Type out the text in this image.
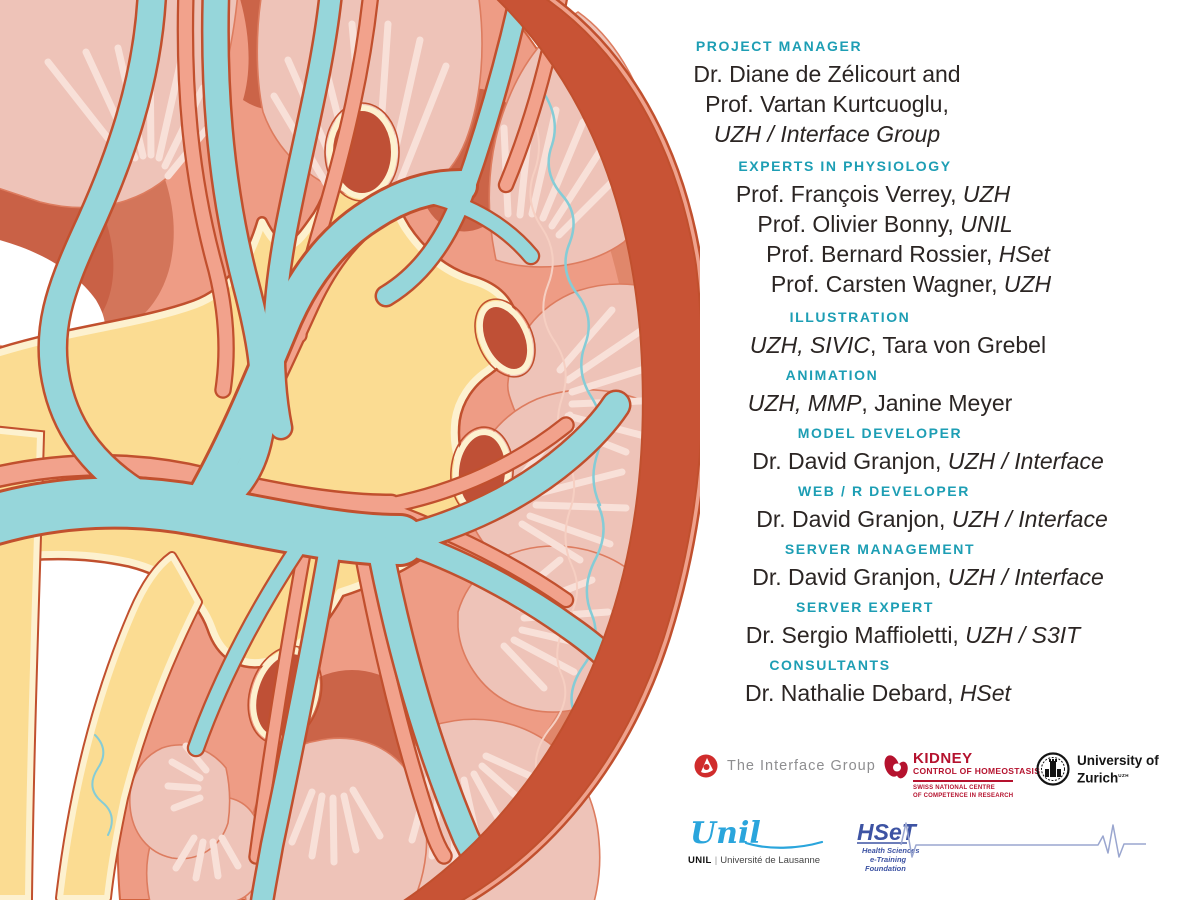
PROJECT MANAGER
Dr. Diane de Zélicourt and
Prof. Vartan Kurtcuoglu,
UZH / Interface Group
EXPERTS IN PHYSIOLOGY
Prof. François Verrey, UZH
Prof. Olivier Bonny, UNIL
Prof. Bernard Rossier, HSet
Prof. Carsten Wagner, UZH
ILLUSTRATION
UZH, SIVIC, Tara von Grebel
ANIMATION
UZH, MMP, Janine Meyer
MODEL DEVELOPER
Dr. David Granjon, UZH / Interface
WEB / R DEVELOPER
Dr. David Granjon, UZH / Interface
SERVER MANAGEMENT
Dr. David Granjon, UZH / Interface
SERVER EXPERT
Dr. Sergio Maffioletti, UZH / S3IT
CONSULTANTS
Dr. Nathalie Debard, HSet
The Interface Group KIDNEY
CONTROL OF HOMEOSTASIS
SWISS NATIONAL CENTRE
OF COMPETENCE IN RESEARCH
University of
Zurich$^{UZH}$
Unil
UNIL | Université de Lausanne
HSeT
Health Sciences
e-Training
Foundation
